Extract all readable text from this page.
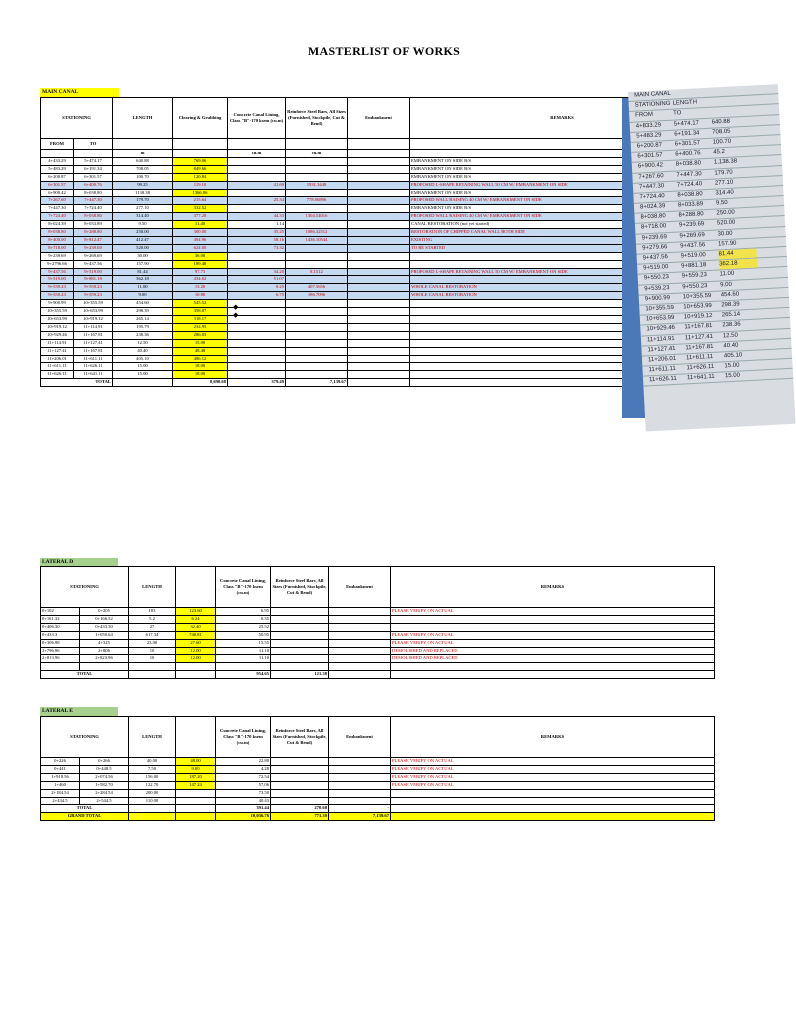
MASTERLIST OF WORKS
MAIN CANAL
STATIONING		LENGTH	Clearing & Grubbing	Concrete Canal Lining, Class "B"-170 ksem (cu.m)	Reinforce Steel Bars, All Sizes (Furnished, Stockpile, Cut & Bend)	Embankment	REMARKS
FROM	TO						
		m		cu.m	cu.m		
4+433.29	5+474.17	640.88	769.06				EMBANKMENT ON SIDE B/S
5+483.29	6+191.34	708.05	849.66				EMBANKMENT ON SIDE B/S
6+200.87	6+301.57	100.70	120.84				EMBANKMENT ON SIDE B/S
6+301.57	6+400.76	99.25	119.10	41.69	1931.3448		PROPOSED L-SHAPE RETAINING WALL 50 CM W/ EMBANKMENT ON SIDE
6+900.42	8+038.80	1138.38	1366.06				EMBANKMENT ON SIDE B/S
7+267.60	7+447.30	179.70	215.64	25.34	778.06896		PROPOSED WALL RAISING 40 CM W/ EMBANKMENT ON SIDE
7+447.30	7+724.40	277.10	332.52				EMBANKMENT ON SIDE B/S
7+724.40	8+038.80	314.40	377.28	44.33	1304.54016		PROPOSED WALL RAISING 40 CM W/ EMBANKMENT ON SIDE
8+024.39	8+033.89	9.50	11.40	1.14			CANAL RESTORATION (not yet started)
8+038.80	8+288.80	250.00	300.00	35.25	1086.32512		RESTORATION OF CHIPPED CANAL WALL BOTH SIDE
8+400.00	8+812.47	412.47	494.96	58.16	1436.10544		EXISTING
8+718.00	9+239.69	520.00	624.00	73.32			TO BE STARTED
9+239.69	9+269.69	30.00	36.00				
9+2796.66	9+437.56	157.90	189.48				
9+437.56	9+519.00	81.44	97.73	34.20	8.1512		PROPOSED L-SHAPE RETAINING WALL 50 CM W/ EMBANKMENT ON SIDE
9+519.00	9+881.18	362.18	434.62	51.07			
9+539.23	9+550.23	11.00	13.20	8.25	407.5656		WHOLE CANAL RESTORATION
9+550.23	9+559.23	9.00	10.80	6.75	186.7096		WHOLE CANAL RESTORATION
9+900.99	10+355.59	454.60	545.52				
10+355.59	10+653.99	298.39	358.07				
10+653.99	10+919.12	265.14	318.17				
10+919.12	11+114.91	195.79	234.95				
10+929.46	11+167.81	238.36	286.03				
11+114.91	11+127.41	12.50	15.00				
11+127.41	11+167.81	40.40	48.48				
11+206.01	11+611.11	405.10	486.12				
11+611.11	11+626.11	15.00	18.00				
11+626.11	11+641.11	15.00	18.00				
TOTAL			8,690.68	379.49	7,139.67		
◆
◆
MAIN CANAL
STATIONING LENGTH
FROM	TO
4+833.29 5+474.17 640.88
5+483.29 6+191.34 708.05
6+200.87 6+301.57 100.70
6+301.57 6+400.76 45.2
6+900.42 8+038.80 1,138.38
7+267.60 7+447.30 179.70
7+447.30 7+724.40 277.10
7+724.40 8+038.80 314.40
8+024.39 8+033.89 9.50
8+038.80 8+288.80 250.00
8+718.00 9+239.69 520.00
9+239.69 9+269.69 30.00
9+279.66 9+437.56 157.90
9+437.56 9+519.00 81.44
9+519.00 9+881.18 362.18
9+550.23 9+559.23 11.00
9+539.23 9+550.23 9.00
9+900.99 10+355.59 454.60
10+355.59 10+653.99 298.39
10+653.99 10+919.12 265.14
10+929.46 11+167.81 238.36
11+114.91 11+127.41 12.50
11+127.41 11+167.81 40.40
11+206.01 11+611.11 405.10
11+611.11 11+626.11 15.00
11+626.11 11+641.11 15.00
LATERAL D
STATIONING		LENGTH		Concrete Canal Lining, Class "B"-170 ksem (cu.m)	Reinforce Steel Bars, All Sizes (Furnished, Stockpile, Cut & Bend)	Embankment	REMARKS
0+102	0+205	103	123.60	6.95			PLEASE VERIFY ON ACTUAL
0+161.32	0+166.52	5.2	6.24	0.35			
0+406.30	0+433.30	27	32.40	25.52			
0+433.3	1+050.64	617.34	740.81	50.95			PLEASE VERIFY ON ACTUAL
0+306.98	4+325	23.00	27.60	15.55			PLEASE VERIFY ON ACTUAL
2+796.96	2+806	10	12.00	11.10			DEMOLISHED AND REPLACED
2+813.96	2+823.96	10	12.00	11.10			DEMOLISHED AND REPLACED

TOTAL				954.65	121.38		
LATERAL E
STATIONING		LENGTH		Concrete Canal Lining, Class "B"-170 ksem (cu.m)	Reinforce Steel Bars, All Sizes (Furnished, Stockpile, Cut & Bend)	Embankment	REMARKS
0+226	0+266	40.00	48.00	22.80			PLEASE VERIFY ON ACTUAL
0+441	0+448.5	7.50	9.00	4.28			PLEASE VERIFY ON ACTUAL
1+918.56	2+074.56	156.00	187.20	72.54			PLEASE VERIFY ON ACTUAL
1+460	1+582.70	122.70	147.24	57.06			PLEASE VERIFY ON ACTUAL
2+184.54	2+284.54	200.00		73.50			
2+434.5	2+544.5	110.00		40.43			
TOTAL				391.44	270.60	-	
GRAND TOTAL				10,036.76	771.39	7,139.67	
